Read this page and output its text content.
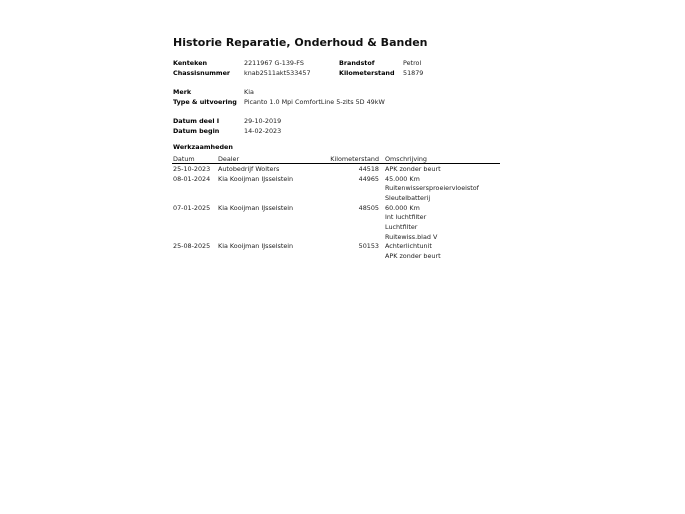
Historie Reparatie, Onderhoud & Banden
Kenteken	2211967 G-139-FS	Brandstof	Petrol
Chassisnummer knab2511akt533457	Kilometerstand 51879
Merk	Kia
Type & uitvoering Picanto 1.0 Mpi ComfortLine 5-zits 5D 49kW
Datum deel I	29-10-2019
Datum begin	14-02-2023
Werkzaamheden
Datum	Dealer	Kilometerstand Omschrijving
25-10-2023 Autobedrijf Wolters	44518 APK zonder beurt
08-01-2024 Kia Kooijman IJsselstein	44965 45.000 Km
Ruitenwissersproeiervloeistof
Sleutelbatterij
07-01-2025 Kia Kooijman IJsselstein	48505 60.000 Km
Int luchtfilter
Luchtfilter
Ruitewiss.blad V
25-08-2025 Kia Kooijman IJsselstein	50153 Achterlichtunit
APK zonder beurt
